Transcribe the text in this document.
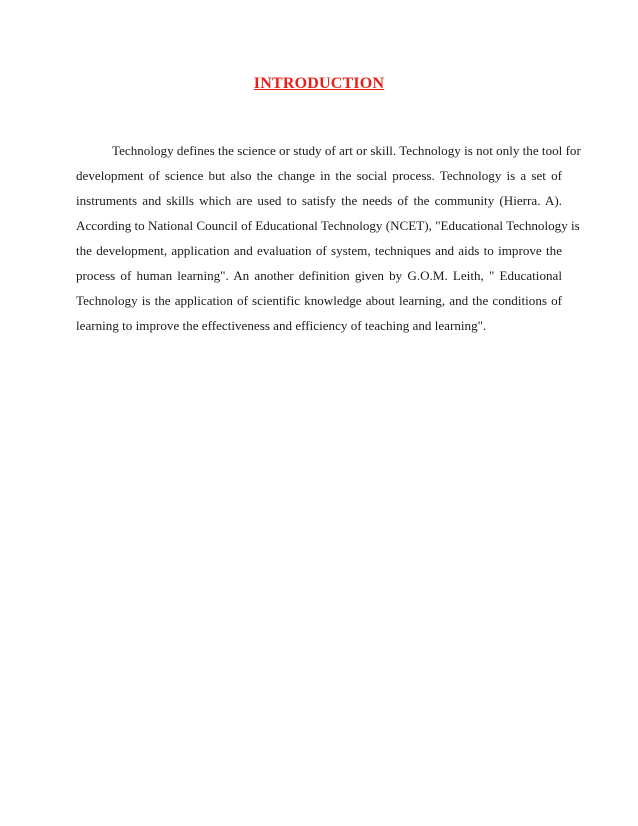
INTRODUCTION
Technology defines the science or study of art or skill. Technology is not only the tool for
development of science but also the change in the social process. Technology is a set of
instruments and skills which are used to satisfy the needs of the community (Hierra. A).
According to National Council of Educational Technology (NCET), "Educational Technology is
the development, application and evaluation of system, techniques and aids to improve the
process of human learning". An another definition given by G.O.M. Leith, " Educational
Technology is the application of scientific knowledge about learning, and the conditions of
learning to improve the effectiveness and efficiency of teaching and learning".
